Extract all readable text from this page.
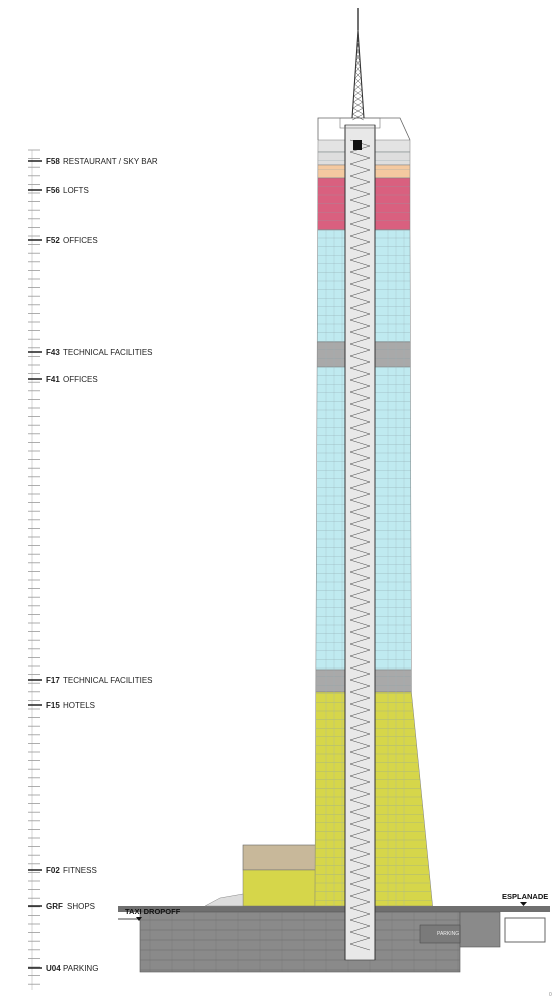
F58 RESTAURANT / SKY BAR
F56 LOFTS
F52 OFFICES
F43 TECHNICAL FACILITIES
F41 OFFICES
F17 TECHNICAL FACILITIES
F15 HOTELS
F02 FITNESS
GRF SHOPS
U04 PARKING
TAXI DROPOFF
ESPLANADE
PARKING
0
